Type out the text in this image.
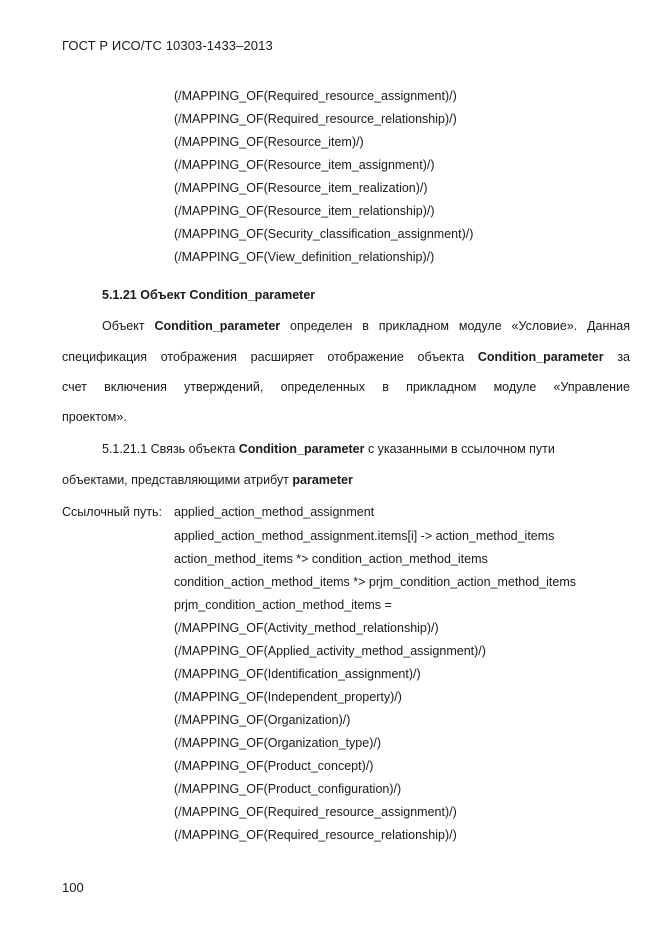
ГОСТ Р ИСО/ТС 10303-1433–2013
(/MAPPING_OF(Required_resource_assignment)/)
(/MAPPING_OF(Required_resource_relationship)/)
(/MAPPING_OF(Resource_item)/)
(/MAPPING_OF(Resource_item_assignment)/)
(/MAPPING_OF(Resource_item_realization)/)
(/MAPPING_OF(Resource_item_relationship)/)
(/MAPPING_OF(Security_classification_assignment)/)
(/MAPPING_OF(View_definition_relationship)/)
5.1.21 Объект Condition_parameter
Объект Condition_parameter определен в прикладном модуле «Условие». Данная
спецификация отображения расширяет отображение объекта Condition_parameter за
счет включения утверждений, определенных в прикладном модуле «Управление
проектом».
5.1.21.1 Связь объекта Condition_parameter с указанными в ссылочном пути
объектами, представляющими атрибут parameter
Ссылочный путь: applied_action_method_assignment
applied_action_method_assignment.items[i] -> action_method_items
action_method_items *> condition_action_method_items
condition_action_method_items *> prjm_condition_action_method_items
prjm_condition_action_method_items =
(/MAPPING_OF(Activity_method_relationship)/)
(/MAPPING_OF(Applied_activity_method_assignment)/)
(/MAPPING_OF(Identification_assignment)/)
(/MAPPING_OF(Independent_property)/)
(/MAPPING_OF(Organization)/)
(/MAPPING_OF(Organization_type)/)
(/MAPPING_OF(Product_concept)/)
(/MAPPING_OF(Product_configuration)/)
(/MAPPING_OF(Required_resource_assignment)/)
(/MAPPING_OF(Required_resource_relationship)/)
100
